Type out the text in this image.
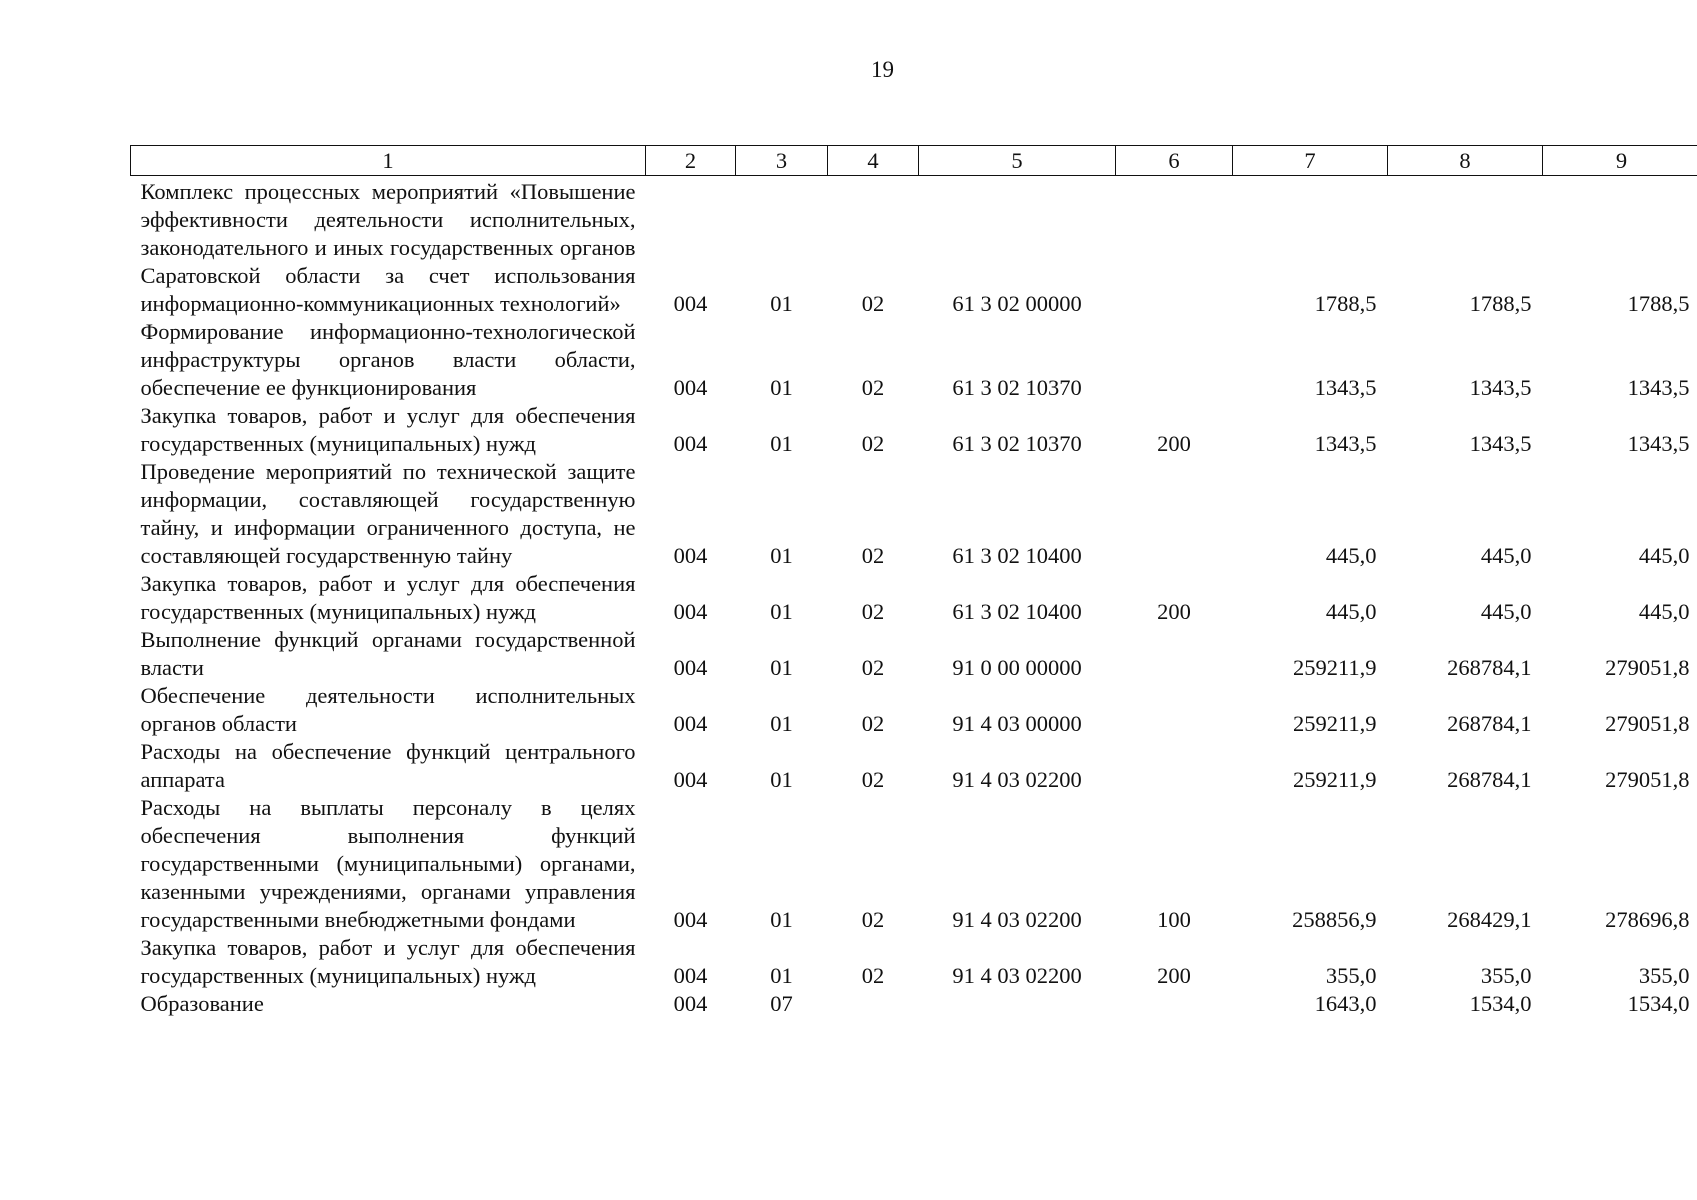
19
1	2	3	4	5	6	7	8	9
Комплекс процессных мероприятий «Повышение эффективности деятельности исполнительных, законодательного и иных государственных органов Саратовской области за счет использования информационно-коммуникационных технологий»	004	01	02	61 3 02 00000		1788,5	1788,5	1788,5
Формирование информационно-технологической инфраструктуры органов власти области, обеспечение ее функционирования	004	01	02	61 3 02 10370		1343,5	1343,5	1343,5
Закупка товаров, работ и услуг для обеспечения государственных (муниципальных) нужд	004	01	02	61 3 02 10370	200	1343,5	1343,5	1343,5
Проведение мероприятий по технической защите информации, составляющей государственную тайну, и информации ограниченного доступа, не составляющей государственную тайну	004	01	02	61 3 02 10400		445,0	445,0	445,0
Закупка товаров, работ и услуг для обеспечения государственных (муниципальных) нужд	004	01	02	61 3 02 10400	200	445,0	445,0	445,0
Выполнение функций органами государственной власти	004	01	02	91 0 00 00000		259211,9	268784,1	279051,8
Обеспечение деятельности исполнительных органов области	004	01	02	91 4 03 00000		259211,9	268784,1	279051,8
Расходы на обеспечение функций центрального аппарата	004	01	02	91 4 03 02200		259211,9	268784,1	279051,8
Расходы на выплаты персоналу в целях обеспечения выполнения функций государственными (муниципальными) органами, казенными учреждениями, органами управления государственными внебюджетными фондами	004	01	02	91 4 03 02200	100	258856,9	268429,1	278696,8
Закупка товаров, работ и услуг для обеспечения государственных (муниципальных) нужд	004	01	02	91 4 03 02200	200	355,0	355,0	355,0
Образование	004	07				1643,0	1534,0	1534,0
